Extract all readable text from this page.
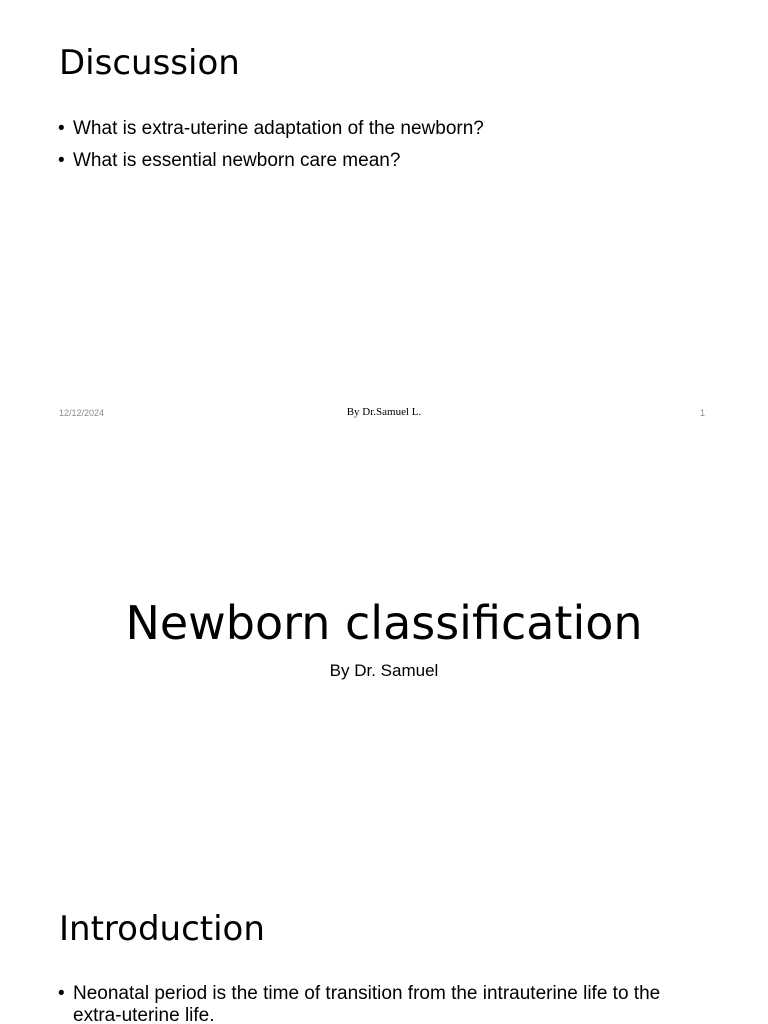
Discussion
• What is extra-uterine adaptation of the newborn?
• What is essential newborn care mean?
12/12/2024	By Dr.Samuel L.	1
Newborn classification
By Dr. Samuel
Introduction
• Neonatal period is the time of transition from the intrauterine life to the extra-uterine life.
